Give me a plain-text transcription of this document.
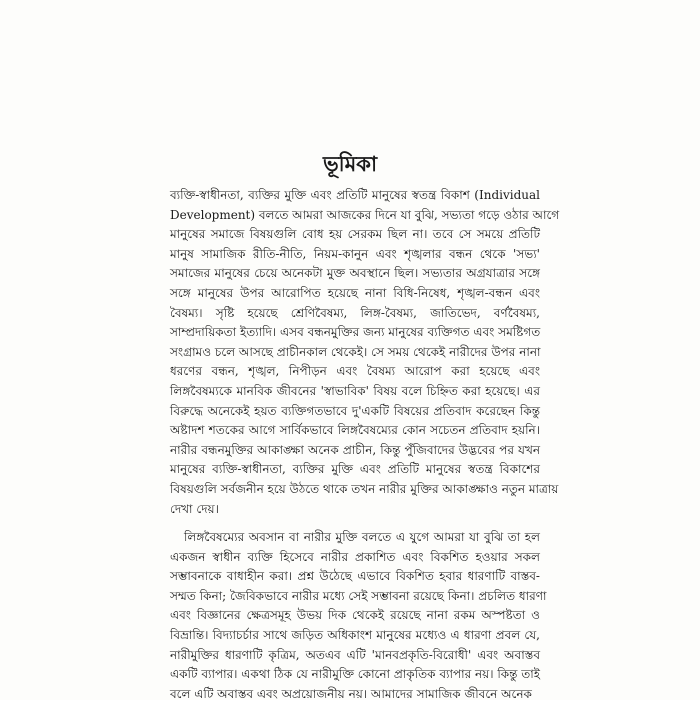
ভূমিকা
ব্যক্তি-স্বাধীনতা, ব্যক্তির মুক্তি এবং প্রতিটি মানুষের স্বতন্ত্র বিকাশ (Individual
Development) বলতে আমরা আজকের দিনে যা বুঝি, সভ্যতা গড়ে ওঠার আগে
মানুষের সমাজে বিষয়গুলি বোধ হয় সেরকম ছিল না। তবে সে সময়ে প্রতিটি
মানুষ সামাজিক রীতি-নীতি, নিয়ম-কানুন এবং শৃঙ্খলার বন্ধন থেকে 'সভ্য'
সমাজের মানুষের চেয়ে অনেকটা মুক্ত অবস্থানে ছিল। সভ্যতার অগ্রযাত্রার সঙ্গে
সঙ্গে মানুষের উপর আরোপিত হয়েছে নানা বিধি-নিষেধ, শৃঙ্খল-বন্ধন এবং
বৈষম্য। সৃষ্টি হয়েছে শ্রেণিবৈষম্য, লিঙ্গ-বৈষম্য, জাতিভেদ, বর্ণবৈষম্য,
সাম্প্রদায়িকতা ইত্যাদি। এসব বন্ধনমুক্তির জন্য মানুষের ব্যক্তিগত এবং সমষ্টিগত
সংগ্রামও চলে আসছে প্রাচীনকাল থেকেই। সে সময় থেকেই নারীদের উপর নানা
ধরণের বন্ধন, শৃঙ্খল, নিপীড়ন এবং বৈষম্য আরোপ করা হয়েছে এবং
লিঙ্গবৈষম্যকে মানবিক জীবনের 'স্বাভাবিক' বিষয় বলে চিহ্নিত করা হয়েছে। এর
বিরুদ্ধে অনেকেই হয়ত ব্যক্তিগতভাবে দু'একটি বিষয়ের প্রতিবাদ করেছেন কিন্তু
অষ্টাদশ শতকের আগে সার্বিকভাবে লিঙ্গবৈষম্যের কোন সচেতন প্রতিবাদ হয়নি।
নারীর বন্ধনমুক্তির আকাঙ্ক্ষা অনেক প্রাচীন, কিন্তু পুঁজিবাদের উদ্ভবের পর যখন
মানুষের ব্যক্তি-স্বাধীনতা, ব্যক্তির মুক্তি এবং প্রতিটি মানুষের স্বতন্ত্র বিকাশের
বিষয়গুলি সর্বজনীন হয়ে উঠতে থাকে তখন নারীর মুক্তির আকাঙ্ক্ষাও নতুন মাত্রায়
দেখা দেয়।
লিঙ্গবৈষম্যের অবসান বা নারীর মুক্তি বলতে এ যুগে আমরা যা বুঝি তা হল
একজন স্বাধীন ব্যক্তি হিসেবে নারীর প্রকাশিত এবং বিকশিত হওয়ার সকল
সম্ভাবনাকে বাধাহীন করা। প্রশ্ন উঠেছে এভাবে বিকশিত হবার ধারণাটি বাস্তব-
সম্মত কিনা; জৈবিকভাবে নারীর মধ্যে সেই সম্ভাবনা রয়েছে কিনা। প্রচলিত ধারণা
এবং বিজ্ঞানের ক্ষেত্রসমূহ উভয় দিক থেকেই রয়েছে নানা রকম অস্পষ্টতা ও
বিভ্রান্তি। বিদ্যাচর্চার সাথে জড়িত অধিকাংশ মানুষের মধ্যেও এ ধারণা প্রবল যে,
নারীমুক্তির ধারণাটি কৃত্রিম, অতএব এটি 'মানবপ্রকৃতি-বিরোধী' এবং অবাস্তব
একটি ব্যাপার। একথা ঠিক যে নারীমুক্তি কোনো প্রাকৃতিক ব্যাপার নয়। কিন্তু তাই
বলে এটি অবাস্তব এবং অপ্রয়োজনীয় নয়। আমাদের সামাজিক জীবনে অনেক
